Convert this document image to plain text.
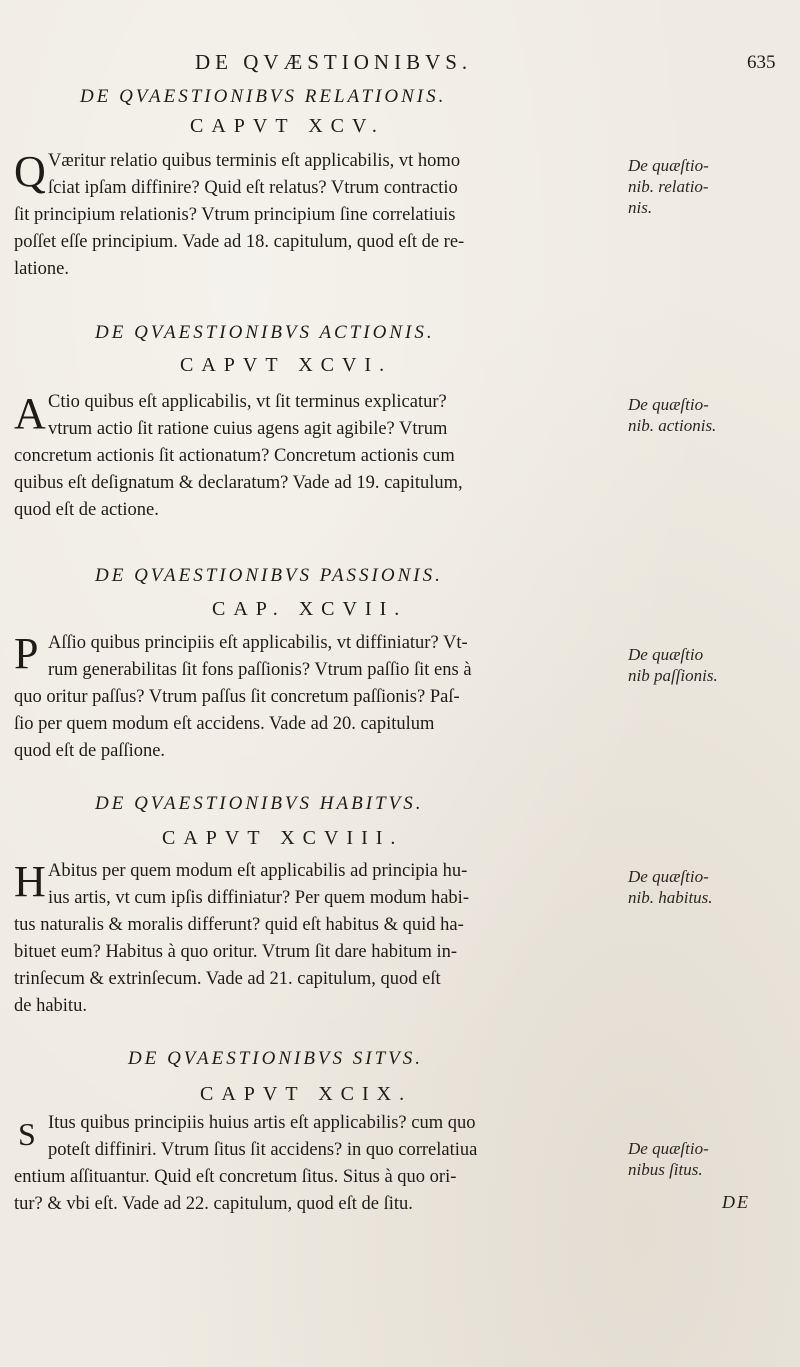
DE QVÆSTIONIBVS.	635
DE QVAESTIONIBVS RELATIONIS.
CAPVT XCV.
Q Væritur relatio quibus terminis eſt applicabilis, vt homo
ſciat ipſam diffinire? Quid eſt relatus? Vtrum contractio
ſit principium relationis? Vtrum principium ſine correlatiuis
poſſet eſſe principium. Vade ad 18. capitulum, quod eſt de re-
latione.
De quæſtio-
nib. relatio-
nis.
DE QVAESTIONIBVS ACTIONIS.
CAPVT XCVI.
A Ctio quibus eſt applicabilis, vt ſit terminus explicatur?
vtrum actio ſit ratione cuius agens agit agibile? Vtrum
concretum actionis ſit actionatum? Concretum actionis cum
quibus eſt deſignatum & declaratum? Vade ad 19. capitulum,
quod eſt de actione.
De quæſtio-
nib. actionis.
DE QVAESTIONIBVS PASSIONIS.
CAP. XCVII.
P Aſſio quibus principiis eſt applicabilis, vt diffiniatur? Vt-
rum generabilitas ſit fons paſſionis? Vtrum paſſio ſit ens à
quo oritur paſſus? Vtrum paſſus ſit concretum paſſionis? Paſ-
ſio per quem modum eſt accidens. Vade ad 20. capitulum
quod eſt de paſſione.
De quæſtio
nib paſſionis.
DE QVAESTIONIBVS HABITVS.
CAPVT XCVIII.
H Abitus per quem modum eſt applicabilis ad principia hu-
ius artis, vt cum ipſis diffiniatur? Per quem modum habi-
tus naturalis & moralis differunt? quid eſt habitus & quid ha-
bituet eum? Habitus à quo oritur. Vtrum ſit dare habitum in-
trinſecum & extrinſecum. Vade ad 21. capitulum, quod eſt
de habitu.
De quæſtio-
nib. habitus.
DE QVAESTIONIBVS SITVS.
CAPVT XCIX.
S Itus quibus principiis huius artis eſt applicabilis? cum quo
poteſt diffiniri. Vtrum ſitus ſit accidens? in quo correlatiua
entium aſſituantur. Quid eſt concretum ſitus. Situs à quo ori-
tur? & vbi eſt. Vade ad 22. capitulum, quod eſt de ſitu.
De quæſtio-
nibus ſitus.
DE
